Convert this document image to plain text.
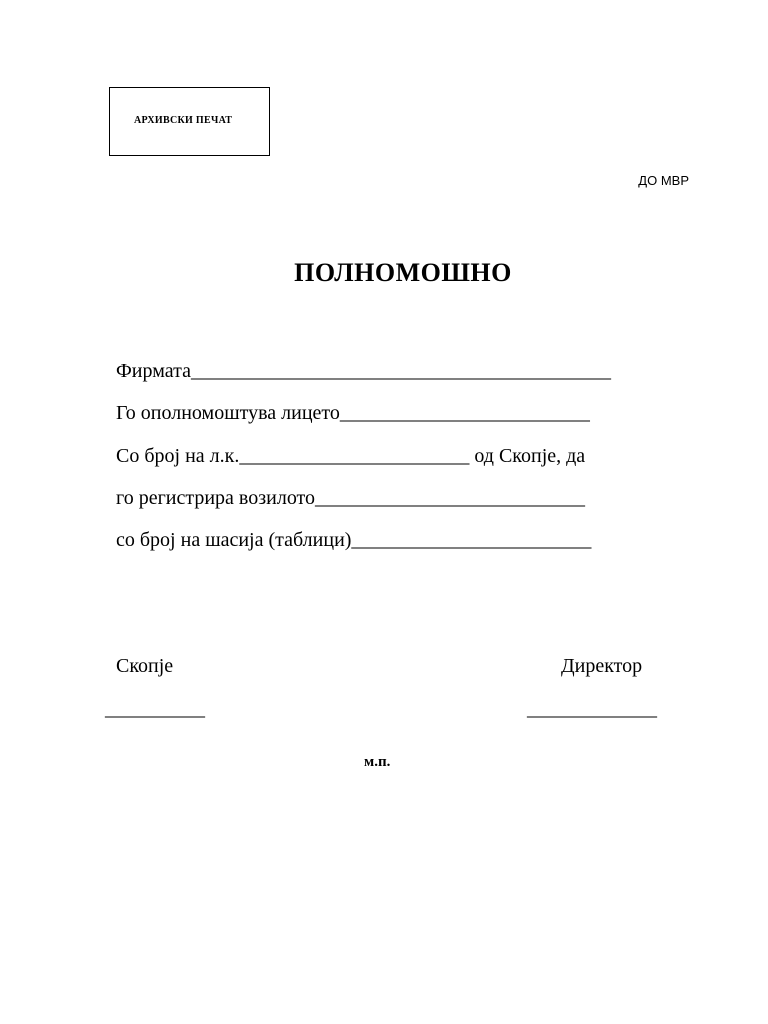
АРХИВСКИ ПЕЧАТ
ДО МВР
ПОЛНОМОШНО
Фирмата__________________________________________
Го ополномоштува лицето_________________________
Со број на л.к._______________________ од Скопје, да
го регистрира возилото___________________________
со број на шасија (таблици)________________________
Скопје	Директор
__________	_____________
м.п.
